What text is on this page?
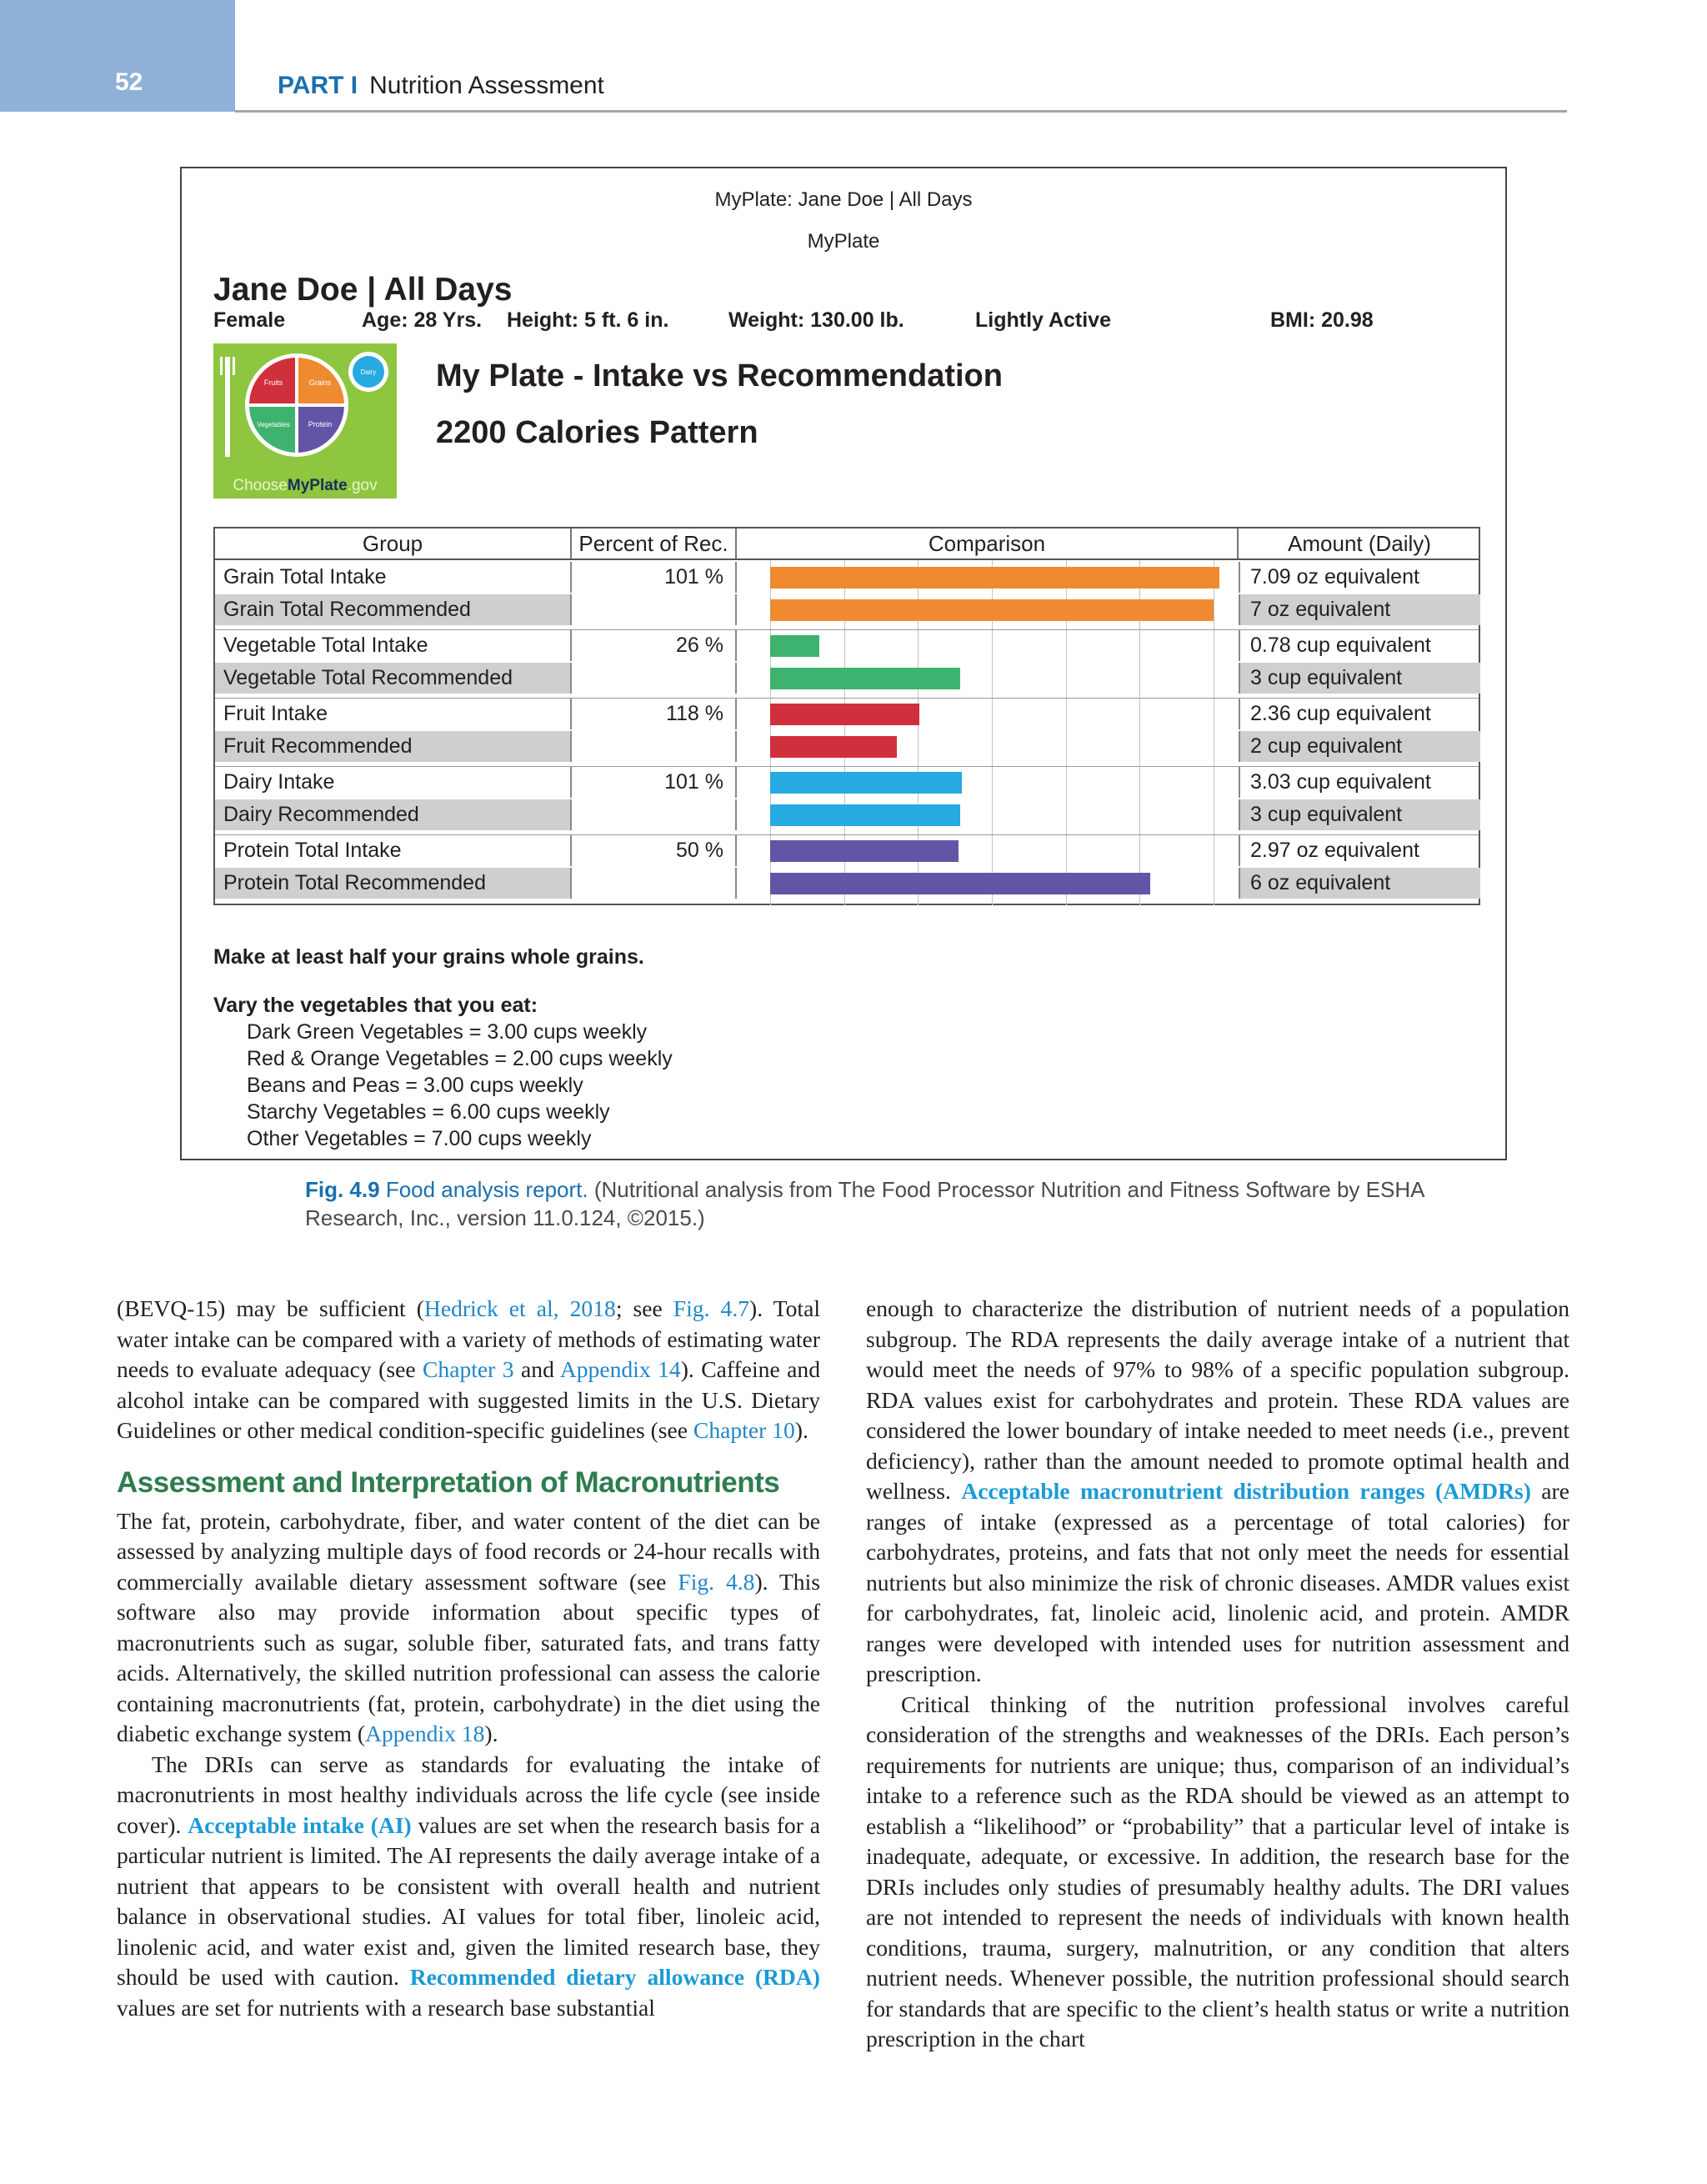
52	PART I Nutrition Assessment
MyPlate: Jane Doe | All Days
MyPlate
Jane Doe | All Days
Female	Age: 28 Yrs. Height: 5 ft. 6 in.	Weight: 130.00 lb.	Lightly Active	BMI: 20.98
Fruits	Grains
Vegetables Protein
Dairy
ChooseMyPlate.gov
My Plate - Intake vs Recommendation
2200 Calories Pattern
Group	Percent of Rec.	Comparison	Amount (Daily)
Grain Total Intake	101 %	7.09 oz equivalent
Grain Total Recommended	7 oz equivalent
Vegetable Total Intake	26 %	0.78 cup equivalent
Vegetable Total Recommended	3 cup equivalent
Fruit Intake	118 %	2.36 cup equivalent
Fruit Recommended	2 cup equivalent
Dairy Intake	101 %	3.03 cup equivalent
Dairy Recommended	3 cup equivalent
Protein Total Intake	50 %	2.97 oz equivalent
Protein Total Recommended	6 oz equivalent
Make at least half your grains whole grains.
Vary the vegetables that you eat:
Dark Green Vegetables = 3.00 cups weekly
Red & Orange Vegetables = 2.00 cups weekly
Beans and Peas = 3.00 cups weekly
Starchy Vegetables = 6.00 cups weekly
Other Vegetables = 7.00 cups weekly
Fig. 4.9 Food analysis report. (Nutritional analysis from The Food Processor Nutrition and Fitness Software by ESHA Research, Inc., version 11.0.124, ©2015.)

(BEVQ-15) may be sufficient (Hedrick et al, 2018; see Fig. 4.7). Total water intake can be compared with a variety of methods of estimating water needs to evaluate adequacy (see Chapter 3 and Appendix 14). Caffeine and alcohol intake can be compared with suggested limits in the U.S. Dietary Guidelines or other medical condition-specific guidelines (see Chapter 10).

Assessment and Interpretation of Macronutrients

The fat, protein, carbohydrate, fiber, and water content of the diet can be assessed by analyzing multiple days of food records or 24-hour recalls with commercially available dietary assessment software (see Fig. 4.8). This software also may provide information about specific types of macronutrients such as sugar, soluble fiber, saturated fats, and trans fatty acids. Alternatively, the skilled nutrition professional can assess the calorie containing macronutrients (fat, protein, carbohydrate) in the diet using the diabetic exchange system (Appendix 18).

The DRIs can serve as standards for evaluating the intake of macronutrients in most healthy individuals across the life cycle (see inside cover). Acceptable intake (AI) values are set when the research basis for a particular nutrient is limited. The AI represents the daily average intake of a nutrient that appears to be consistent with overall health and nutrient balance in observational studies. AI values for total fiber, linoleic acid, linolenic acid, and water exist and, given the limited research base, they should be used with caution. Recommended dietary allowance (RDA) values are set for nutrients with a research base substantial

enough to characterize the distribution of nutrient needs of a population subgroup. The RDA represents the daily average intake of a nutrient that would meet the needs of 97% to 98% of a specific population subgroup. RDA values exist for carbohydrates and protein. These RDA values are considered the lower boundary of intake needed to meet needs (i.e., prevent deficiency), rather than the amount needed to promote optimal health and wellness. Acceptable macronutrient distribution ranges (AMDRs) are ranges of intake (expressed as a percentage of total calories) for carbohydrates, proteins, and fats that not only meet the needs for essential nutrients but also minimize the risk of chronic diseases. AMDR values exist for carbohydrates, fat, linoleic acid, linolenic acid, and protein. AMDR ranges were developed with intended uses for nutrition assessment and prescription.

Critical thinking of the nutrition professional involves careful consideration of the strengths and weaknesses of the DRIs. Each person’s requirements for nutrients are unique; thus, comparison of an individual’s intake to a reference such as the RDA should be viewed as an attempt to establish a “likelihood” or “probability” that a particular level of intake is inadequate, adequate, or excessive. In addition, the research base for the DRIs includes only studies of presumably healthy adults. The DRI values are not intended to represent the needs of individuals with known health conditions, trauma, surgery, malnutrition, or any condition that alters nutrient needs. Whenever possible, the nutrition professional should search for standards that are specific to the client’s health status or write a nutrition prescription in the chart
